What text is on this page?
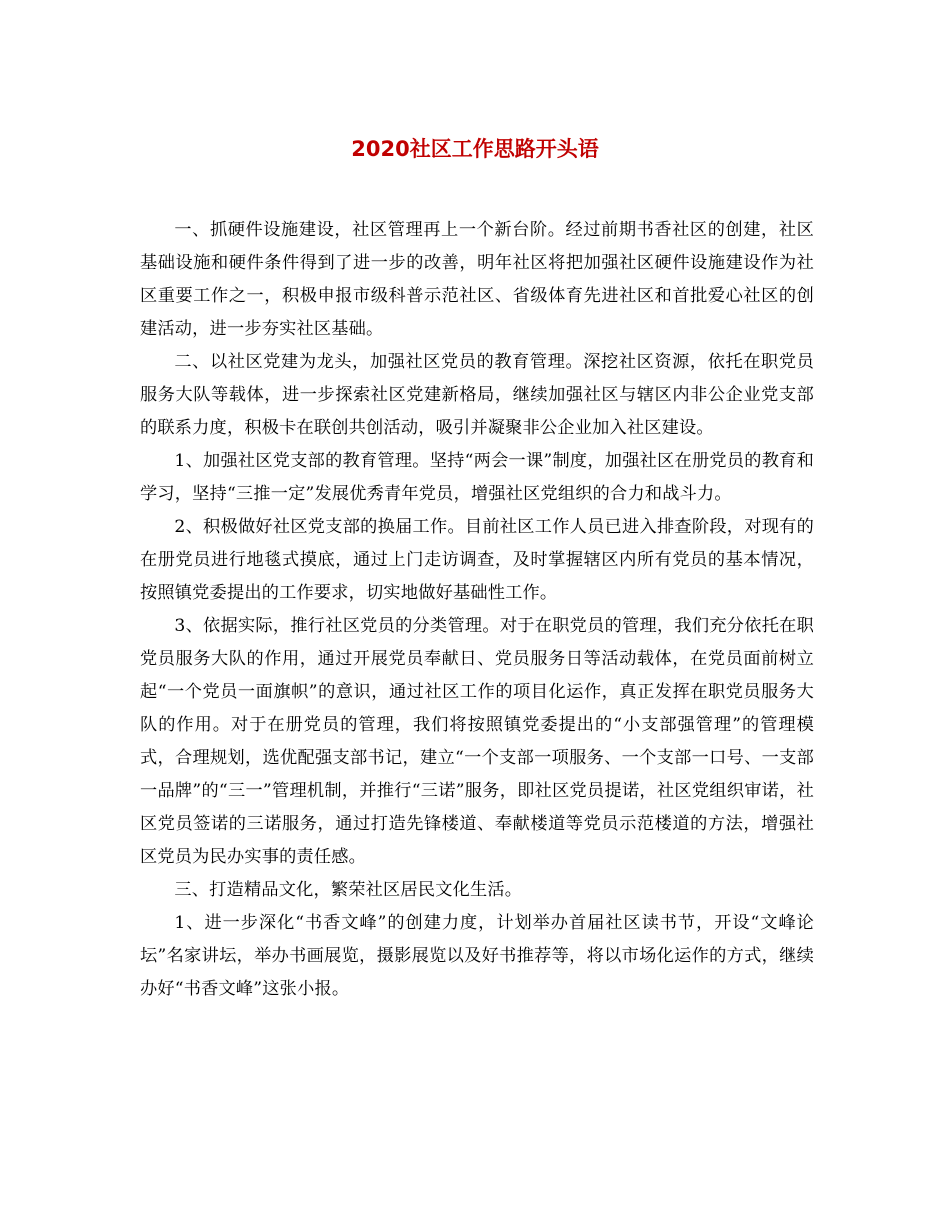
2020社区工作思路开头语

一、抓硬件设施建设，社区管理再上一个新台阶。经过前期书香社区的创建，社区基础设施和硬件条件得到了进一步的改善，明年社区将把加强社区硬件设施建设作为社区重要工作之一，积极申报市级科普示范社区、省级体育先进社区和首批爱心社区的创建活动，进一步夯实社区基础。

二、以社区党建为龙头，加强社区党员的教育管理。深挖社区资源，依托在职党员服务大队等载体，进一步探索社区党建新格局，继续加强社区与辖区内非公企业党支部的联系力度，积极卡在联创共创活动，吸引并凝聚非公企业加入社区建设。

1、加强社区党支部的教育管理。坚持“两会一课”制度，加强社区在册党员的教育和学习，坚持“三推一定”发展优秀青年党员，增强社区党组织的合力和战斗力。

2、积极做好社区党支部的换届工作。目前社区工作人员已进入排查阶段，对现有的在册党员进行地毯式摸底，通过上门走访调查，及时掌握辖区内所有党员的基本情况，按照镇党委提出的工作要求，切实地做好基础性工作。

3、依据实际，推行社区党员的分类管理。对于在职党员的管理，我们充分依托在职党员服务大队的作用，通过开展党员奉献日、党员服务日等活动载体，在党员面前树立起“一个党员一面旗帜”的意识，通过社区工作的项目化运作，真正发挥在职党员服务大队的作用。对于在册党员的管理，我们将按照镇党委提出的“小支部强管理”的管理模式，合理规划，选优配强支部书记，建立“一个支部一项服务、一个支部一口号、一支部一品牌”的“三一”管理机制，并推行“三诺”服务，即社区党员提诺，社区党组织审诺，社区党员签诺的三诺服务，通过打造先锋楼道、奉献楼道等党员示范楼道的方法，增强社区党员为民办实事的责任感。

三、打造精品文化，繁荣社区居民文化生活。

1、进一步深化“书香文峰”的创建力度，计划举办首届社区读书节，开设“文峰论坛”名家讲坛，举办书画展览，摄影展览以及好书推荐等，将以市场化运作的方式，继续办好“书香文峰”这张小报。
